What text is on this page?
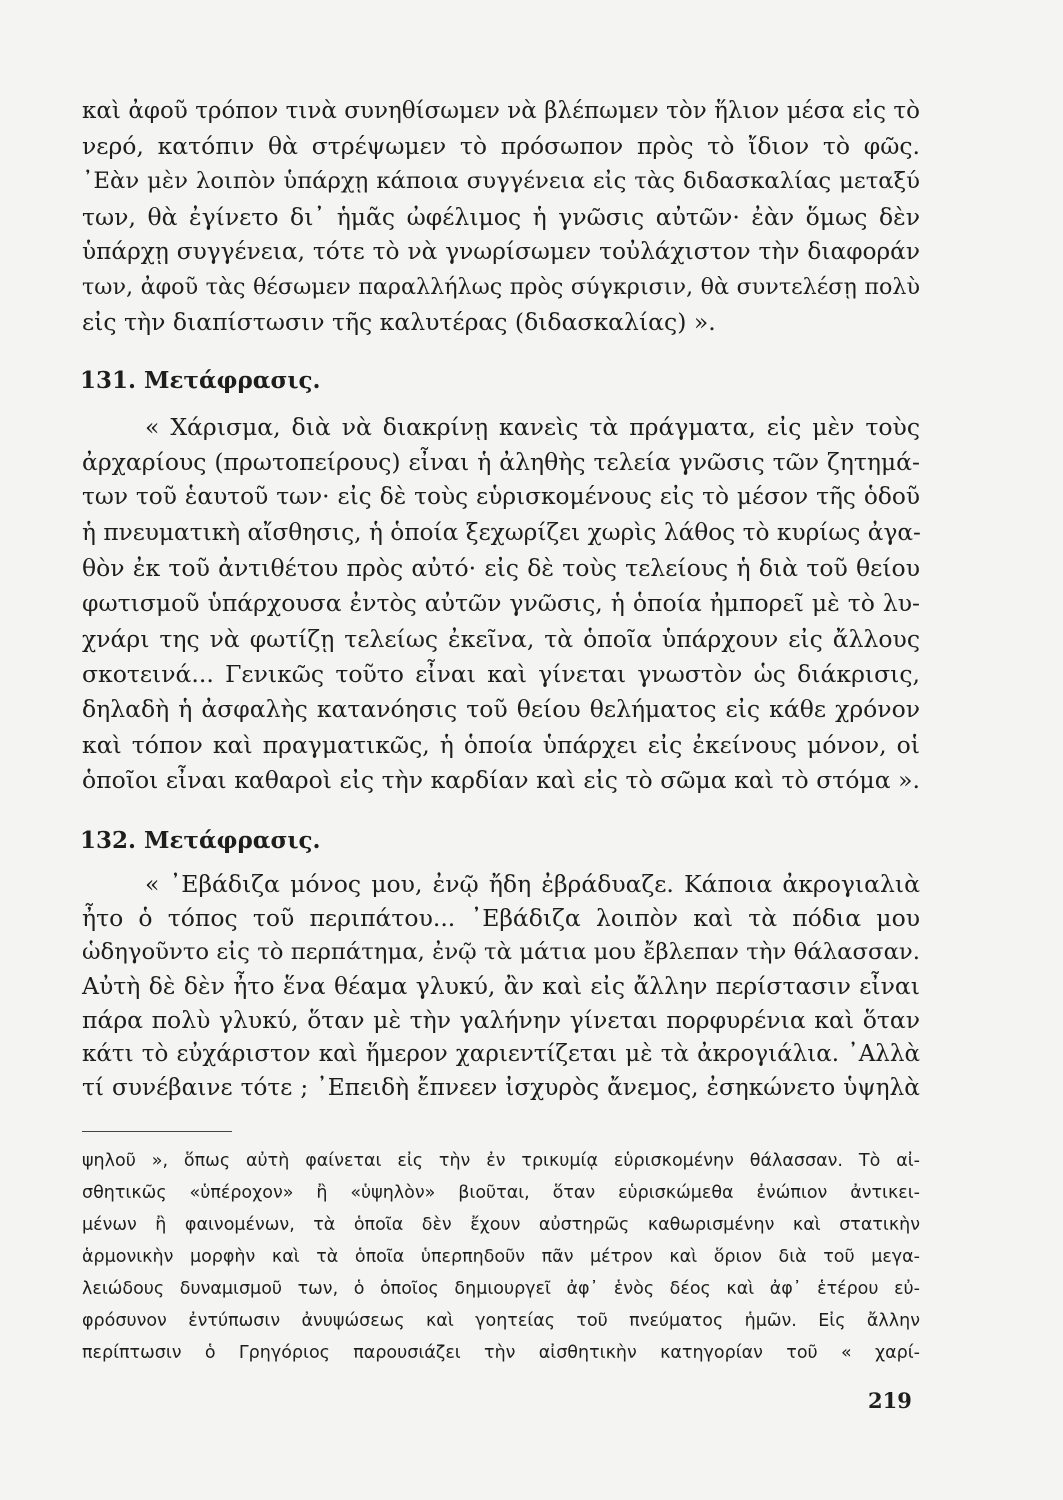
καὶ ἀφοῦ τρόπον τινὰ συνηθίσωμεν νὰ βλέπωμεν τὸν ἥλιον μέσα εἰς τὸ
νερό, κατόπιν θὰ στρέψωμεν τὸ πρόσωπον πρὸς τὸ ἴδιον τὸ φῶς.
᾿Εὰν μὲν λοιπὸν ὑπάρχῃ κάποια συγγένεια εἰς τὰς διδασκαλίας μεταξύ
των, θὰ ἐγίνετο δι᾿ ἡμᾶς ὠφέλιμος ἡ γνῶσις αὐτῶν· ἐὰν ὅμως δὲν
ὑπάρχῃ συγγένεια, τότε τὸ νὰ γνωρίσωμεν τοὐλάχιστον τὴν διαφοράν
των, ἀφοῦ τὰς θέσωμεν παραλλήλως πρὸς σύγκρισιν, θὰ συντελέσῃ πολὺ
εἰς τὴν διαπίστωσιν τῆς καλυτέρας (διδασκαλίας) ».
131. Μετάφρασις.
« Χάρισμα, διὰ νὰ διακρίνῃ κανεὶς τὰ πράγματα, εἰς μὲν τοὺς
ἀρχαρίους (πρωτοπείρους) εἶναι ἡ ἀληθὴς τελεία γνῶσις τῶν ζητημά-
των τοῦ ἑαυτοῦ των· εἰς δὲ τοὺς εὑρισκομένους εἰς τὸ μέσον τῆς ὁδοῦ
ἡ πνευματικὴ αἴσθησις, ἡ ὁποία ξεχωρίζει χωρὶς λάθος τὸ κυρίως ἀγα-
θὸν ἐκ τοῦ ἀντιθέτου πρὸς αὐτό· εἰς δὲ τοὺς τελείους ἡ διὰ τοῦ θείου
φωτισμοῦ ὑπάρχουσα ἐντὸς αὐτῶν γνῶσις, ἡ ὁποία ἠμπορεῖ μὲ τὸ λυ-
χνάρι της νὰ φωτίζῃ τελείως ἐκεῖνα, τὰ ὁποῖα ὑπάρχουν εἰς ἄλλους
σκοτεινά... Γενικῶς τοῦτο εἶναι καὶ γίνεται γνωστὸν ὡς διάκρισις,
δηλαδὴ ἡ ἀσφαλὴς κατανόησις τοῦ θείου θελήματος εἰς κάθε χρόνον
καὶ τόπον καὶ πραγματικῶς, ἡ ὁποία ὑπάρχει εἰς ἐκείνους μόνον, οἱ
ὁποῖοι εἶναι καθαροὶ εἰς τὴν καρδίαν καὶ εἰς τὸ σῶμα καὶ τὸ στόμα ».
132. Μετάφρασις.
« ᾿Εβάδιζα μόνος μου, ἐνῷ ἤδη ἐβράδυαζε. Κάποια ἀκρογιαλιὰ
ἦτο ὁ τόπος τοῦ περιπάτου... ᾿Εβάδιζα λοιπὸν καὶ τὰ πόδια μου
ὡδηγοῦντο εἰς τὸ περπάτημα, ἐνῷ τὰ μάτια μου ἔβλεπαν τὴν θάλασσαν.
Αὐτὴ δὲ δὲν ἦτο ἕνα θέαμα γλυκύ, ἂν καὶ εἰς ἄλλην περίστασιν εἶναι
πάρα πολὺ γλυκύ, ὅταν μὲ τὴν γαλήνην γίνεται πορφυρένια καὶ ὅταν
κάτι τὸ εὐχάριστον καὶ ἥμερον χαριεντίζεται μὲ τὰ ἀκρογιάλια. ᾿Αλλὰ
τί συνέβαινε τότε ; ᾿Επειδὴ ἔπνεεν ἰσχυρὸς ἄνεμος, ἐσηκώνετο ὑψηλὰ
ψηλοῦ », ὅπως αὐτὴ φαίνεται εἰς τὴν ἐν τρικυμίᾳ εὑρισκομένην θάλασσαν. Τὸ αἰ-
σθητικῶς «ὑπέροχον» ἢ «ὑψηλὸν» βιοῦται, ὅταν εὑρισκώμεθα ἐνώπιον ἀντικει-
μένων ἢ φαινομένων, τὰ ὁποῖα δὲν ἔχουν αὐστηρῶς καθωρισμένην καὶ στατικὴν
ἁρμονικὴν μορφὴν καὶ τὰ ὁποῖα ὑπερπηδοῦν πᾶν μέτρον καὶ ὅριον διὰ τοῦ μεγα-
λειώδους δυναμισμοῦ των, ὁ ὁποῖος δημιουργεῖ ἀφ᾿ ἑνὸς δέος καὶ ἀφ᾿ ἑτέρου εὐ-
φρόσυνον ἐντύπωσιν ἀνυψώσεως καὶ γοητείας τοῦ πνεύματος ἡμῶν. Εἰς ἄλλην
περίπτωσιν ὁ Γρηγόριος παρουσιάζει τὴν αἰσθητικὴν κατηγορίαν τοῦ « χαρί-
219
